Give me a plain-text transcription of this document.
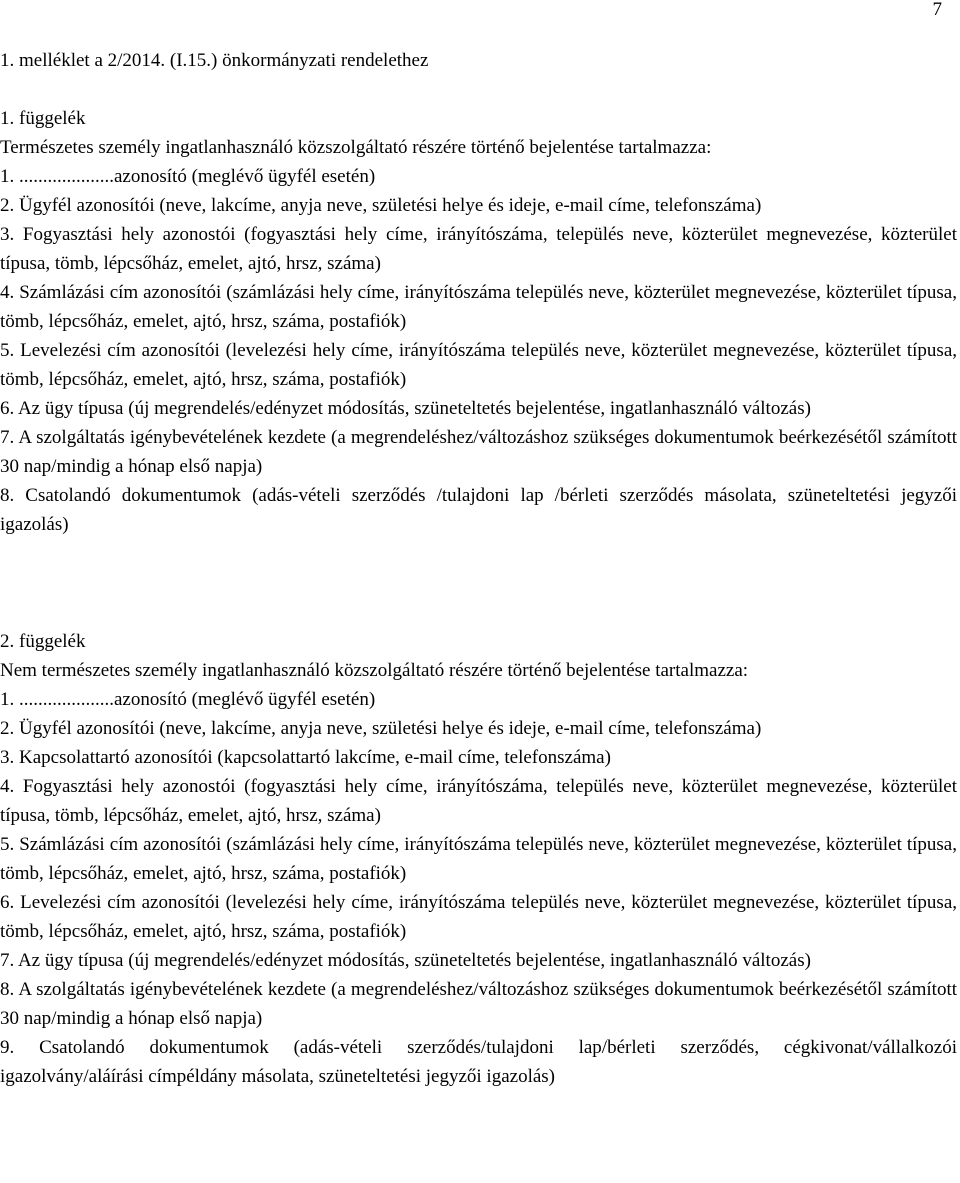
7

1. melléklet a 2/2014. (I.15.) önkormányzati rendelethez

1. függelék

Természetes személy ingatlanhasználó közszolgáltató részére történő bejelentése tartalmazza:

1. ....................azonosító (meglévő ügyfél esetén)

2. Ügyfél azonosítói (neve, lakcíme, anyja neve, születési helye és ideje, e-mail címe, telefonszáma)

3. Fogyasztási hely azonostói (fogyasztási hely címe, irányítószáma, település neve, közterület megnevezése, közterület típusa, tömb, lépcsőház, emelet, ajtó, hrsz, száma)

4. Számlázási cím azonosítói (számlázási hely címe, irányítószáma település neve, közterület megnevezése, közterület típusa, tömb, lépcsőház, emelet, ajtó, hrsz, száma, postafiók)

5. Levelezési cím azonosítói (levelezési hely címe, irányítószáma település neve, közterület megnevezése, közterület típusa, tömb, lépcsőház, emelet, ajtó, hrsz, száma, postafiók)

6. Az ügy típusa (új megrendelés/edényzet módosítás, szüneteltetés bejelentése, ingatlanhasználó változás)

7. A szolgáltatás igénybevételének kezdete (a megrendeléshez/változáshoz szükséges dokumentumok beérkezésétől számított 30 nap/mindig a hónap első napja)

8. Csatolandó dokumentumok (adás-vételi szerződés /tulajdoni lap /bérleti szerződés másolata, szüneteltetési jegyzői igazolás)

2. függelék

Nem természetes személy ingatlanhasználó közszolgáltató részére történő bejelentése tartalmazza:

1. ....................azonosító (meglévő ügyfél esetén)

2. Ügyfél azonosítói (neve, lakcíme, anyja neve, születési helye és ideje, e-mail címe, telefonszáma)

3. Kapcsolattartó azonosítói (kapcsolattartó lakcíme, e-mail címe, telefonszáma)

4. Fogyasztási hely azonostói (fogyasztási hely címe, irányítószáma, település neve, közterület megnevezése, közterület típusa, tömb, lépcsőház, emelet, ajtó, hrsz, száma)

5. Számlázási cím azonosítói (számlázási hely címe, irányítószáma település neve, közterület megnevezése, közterület típusa, tömb, lépcsőház, emelet, ajtó, hrsz, száma, postafiók)

6. Levelezési cím azonosítói (levelezési hely címe, irányítószáma település neve, közterület megnevezése, közterület típusa, tömb, lépcsőház, emelet, ajtó, hrsz, száma, postafiók)

7. Az ügy típusa (új megrendelés/edényzet módosítás, szüneteltetés bejelentése, ingatlanhasználó változás)

8. A szolgáltatás igénybevételének kezdete (a megrendeléshez/változáshoz szükséges dokumentumok beérkezésétől számított 30 nap/mindig a hónap első napja)

9. Csatolandó dokumentumok (adás-vételi szerződés/tulajdoni lap/bérleti szerződés, cégkivonat/vállalkozói igazolvány/aláírási címpéldány másolata, szüneteltetési jegyzői igazolás)
